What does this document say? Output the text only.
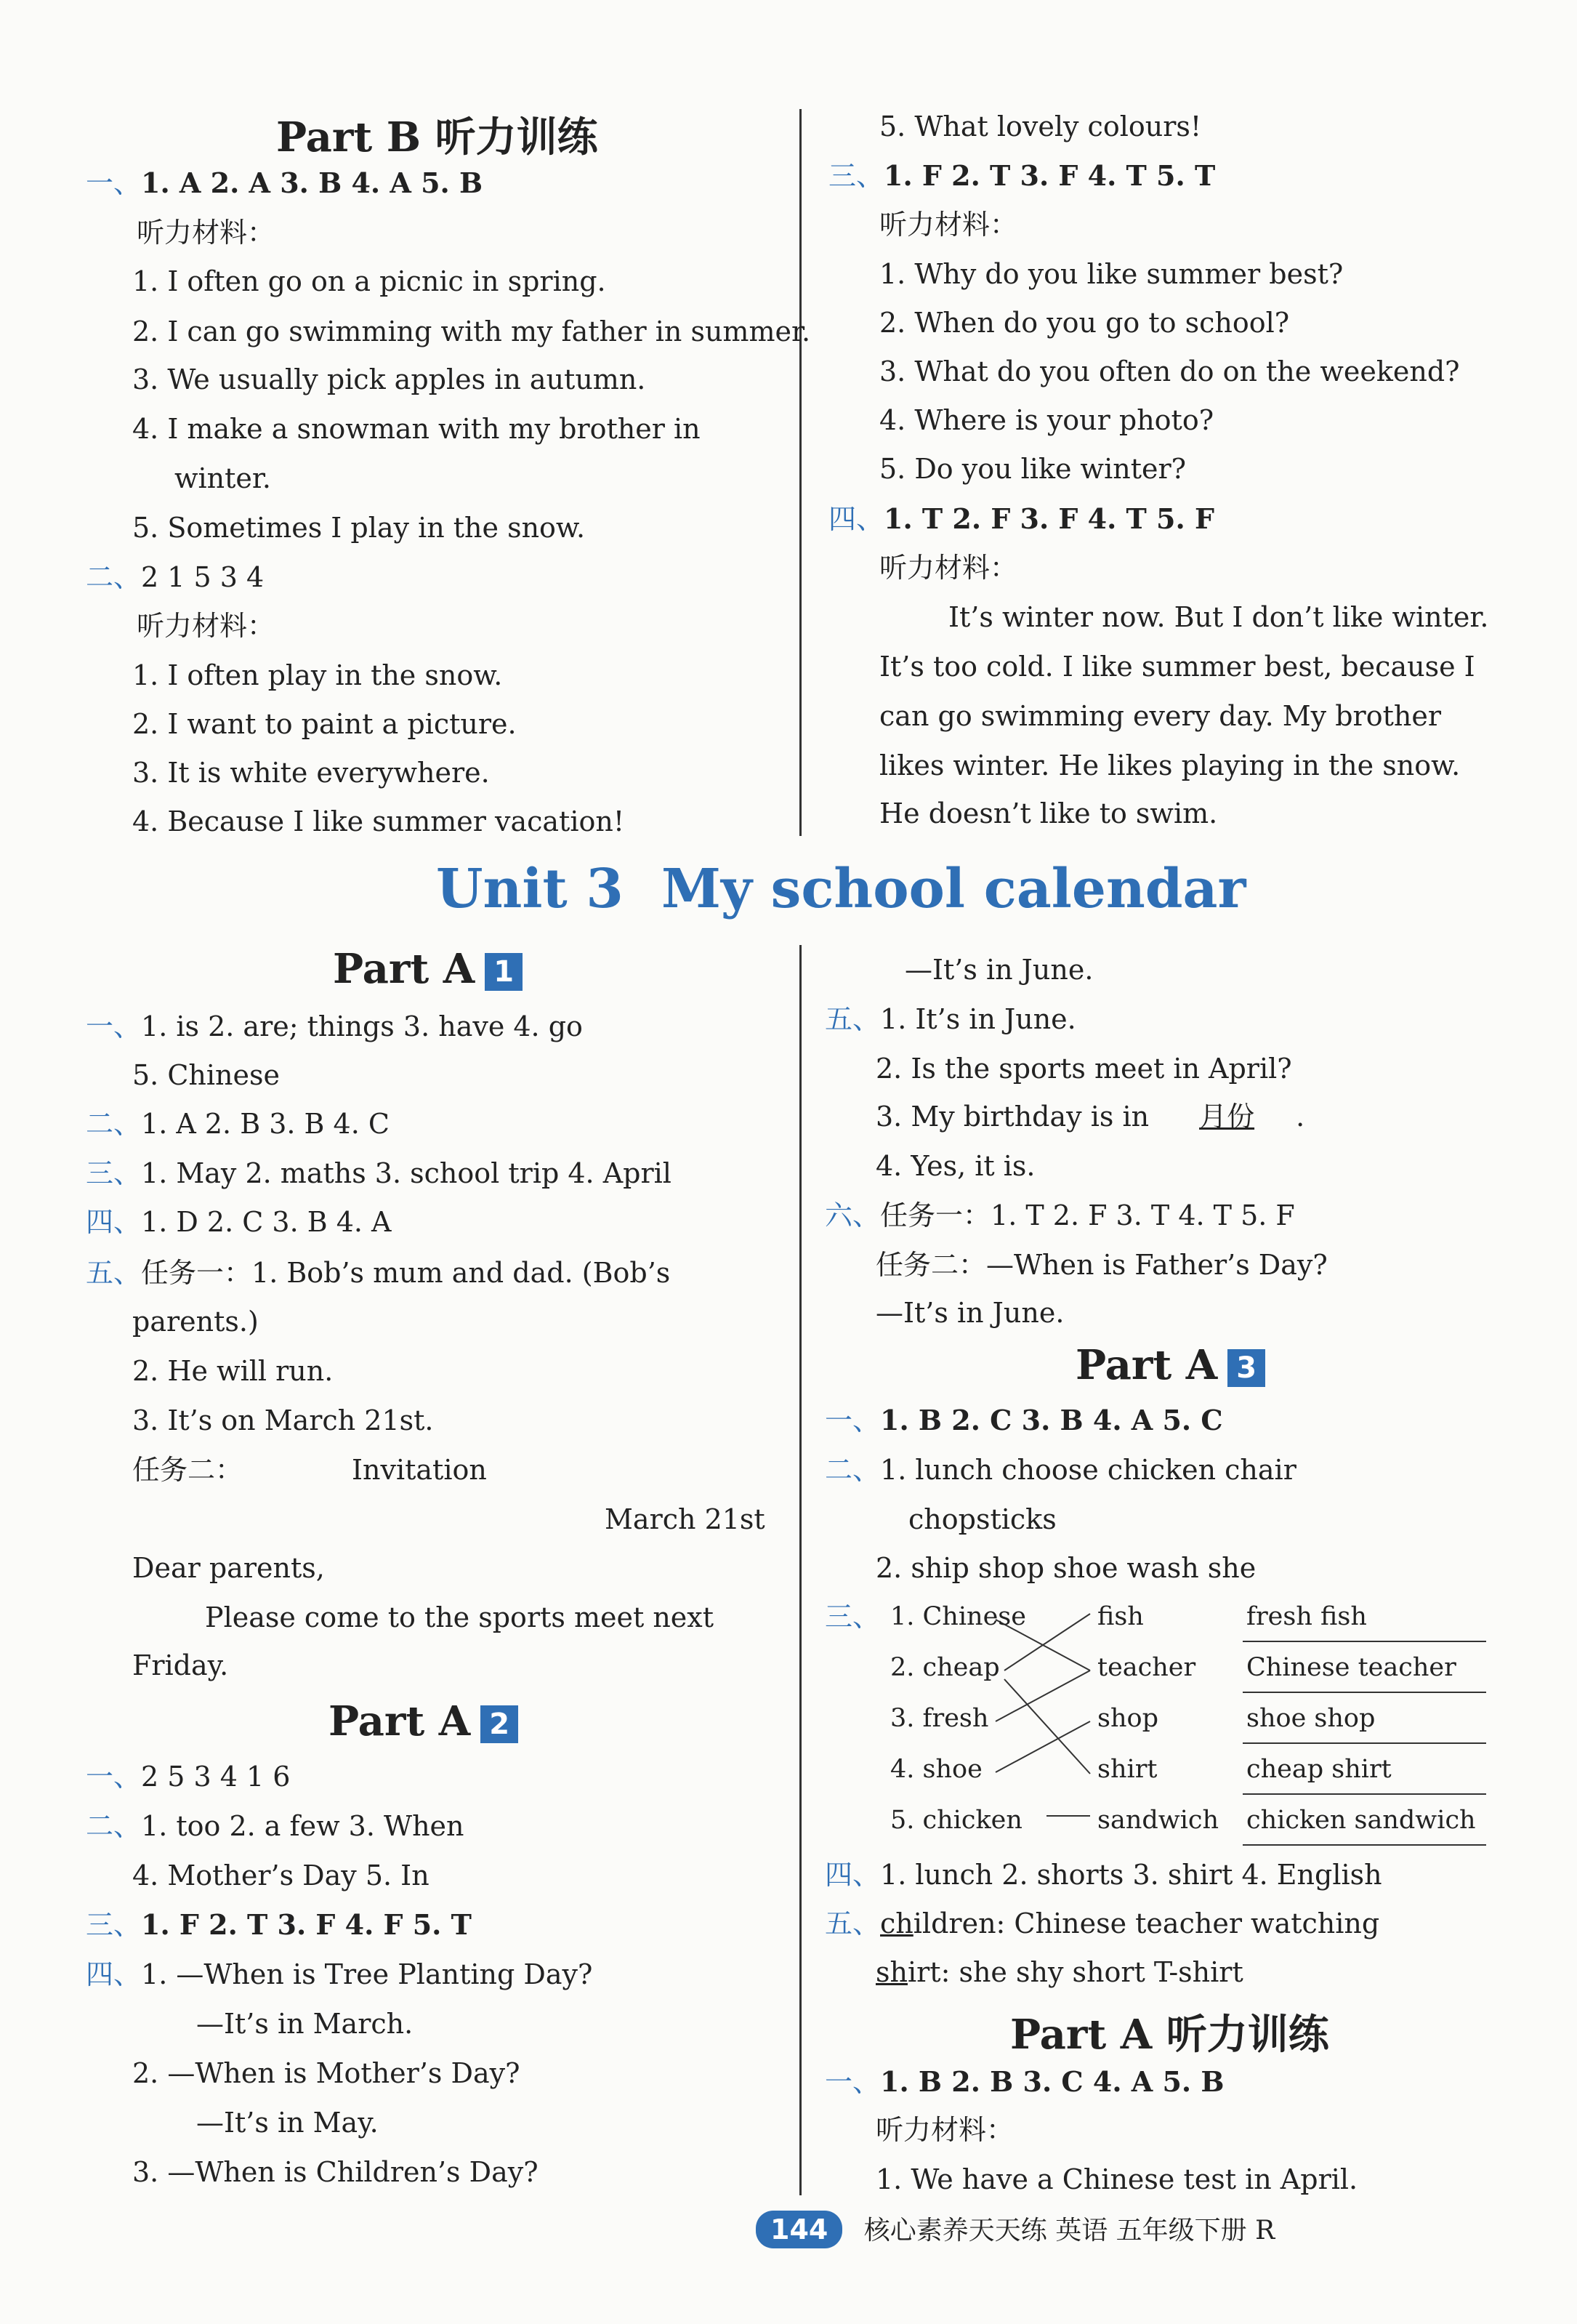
Part B 听力训练
一、1. A 2. A 3. B 4. A 5. B
听力材料：
1. I often go on a picnic in spring.
2. I can go swimming with my father in summer.
3. We usually pick apples in autumn.
4. I make a snowman with my brother in
winter.
5. Sometimes I play in the snow.
二、2 1 5 3 4
听力材料：
1. I often play in the snow.
2. I want to paint a picture.
3. It is white everywhere.
4. Because I like summer vacation!
5. What lovely colours!
三、1. F 2. T 3. F 4. T 5. T
听力材料：
1. Why do you like summer best?
2. When do you go to school?
3. What do you often do on the weekend?
4. Where is your photo?
5. Do you like winter?
四、1. T 2. F 3. F 4. T 5. F
听力材料：
It’s winter now. But I don’t like winter.
It’s too cold. I like summer best, because I
can go swimming every day. My brother
likes winter. He likes playing in the snow.
He doesn’t like to swim.
Unit 3 My school calendar
Part A 1
一、1. is 2. are; things 3. have 4. go
5. Chinese
二、1. A 2. B 3. B 4. C
三、1. May 2. maths 3. school trip 4. April
四、1. D 2. C 3. B 4. A
五、任务一：1. Bob’s mum and dad. (Bob’s
parents.)
2. He will run.
3. It’s on March 21st.
任务二：	Invitation
March 21st
Dear parents,
Please come to the sports meet next
Friday.
Part A 2
一、2 5 3 4 1 6
二、1. too 2. a few 3. When
4. Mother’s Day 5. In
三、1. F 2. T 3. F 4. F 5. T
四、1. —When is Tree Planting Day?
—It’s in March.
2. —When is Mother’s Day?
—It’s in May.
3. —When is Children’s Day?
—It’s in June.
五、1. It’s in June.
2. Is the sports meet in April?
3. My birthday is in 月份 .
4. Yes, it is.
六、任务一：1. T 2. F 3. T 4. T 5. F
任务二：—When is Father’s Day?
—It’s in June.
Part A 3
一、1. B 2. C 3. B 4. A 5. C
二、1. lunch choose chicken chair
chopsticks
2. ship shop shoe wash she
三、 1. Chinese
2. cheap
3. fresh
4. shoe
5. chicken
fish
teacher
shop
shirt
sandwich
fresh fish
Chinese teacher
shoe shop
cheap shirt
chicken sandwich
四、1. lunch 2. shorts 3. shirt 4. English
五、children: Chinese teacher watching
shirt: she shy short T-shirt
Part A 听力训练
一、1. B 2. B 3. C 4. A 5. B
听力材料：
1. We have a Chinese test in April.
144 核心素养天天练 英语 五年级下册 R
